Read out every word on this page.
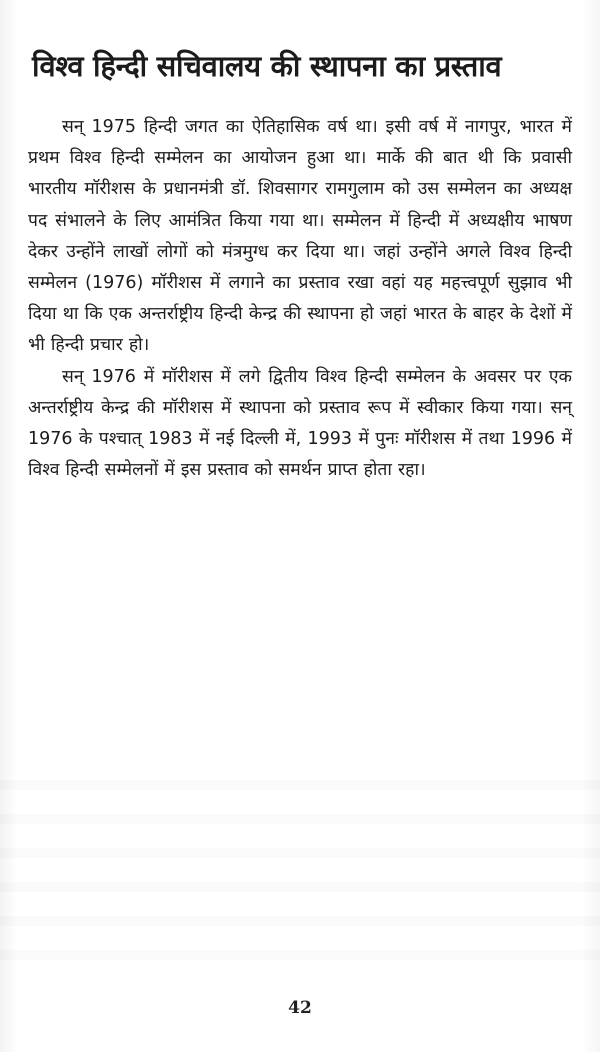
विश्व हिन्दी सचिवालय की स्थापना का प्रस्ताव

सन् 1975 हिन्दी जगत का ऐतिहासिक वर्ष था। इसी वर्ष में नागपुर, भारत में प्रथम विश्व हिन्दी सम्मेलन का आयोजन हुआ था। मार्के की बात थी कि प्रवासी भारतीय मॉरीशस के प्रधानमंत्री डॉ. शिवसागर रामगुलाम को उस सम्मेलन का अध्यक्ष पद संभालने के लिए आमंत्रित किया गया था। सम्मेलन में हिन्दी में अध्यक्षीय भाषण देकर उन्होंने लाखों लोगों को मंत्रमुग्ध कर दिया था। जहां उन्होंने अगले विश्व हिन्दी सम्मेलन (1976) मॉरीशस में लगाने का प्रस्ताव रखा वहां यह महत्त्वपूर्ण सुझाव भी दिया था कि एक अन्तर्राष्ट्रीय हिन्दी केन्द्र की स्थापना हो जहां भारत के बाहर के देशों में भी हिन्दी प्रचार हो।

सन् 1976 में मॉरीशस में लगे द्वितीय विश्व हिन्दी सम्मेलन के अवसर पर एक अन्तर्राष्ट्रीय केन्द्र की मॉरीशस में स्थापना को प्रस्ताव रूप में स्वीकार किया गया। सन् 1976 के पश्चात् 1983 में नई दिल्ली में, 1993 में पुनः मॉरीशस में तथा 1996 में विश्व हिन्दी सम्मेलनों में इस प्रस्ताव को समर्थन प्राप्त होता रहा।

42
